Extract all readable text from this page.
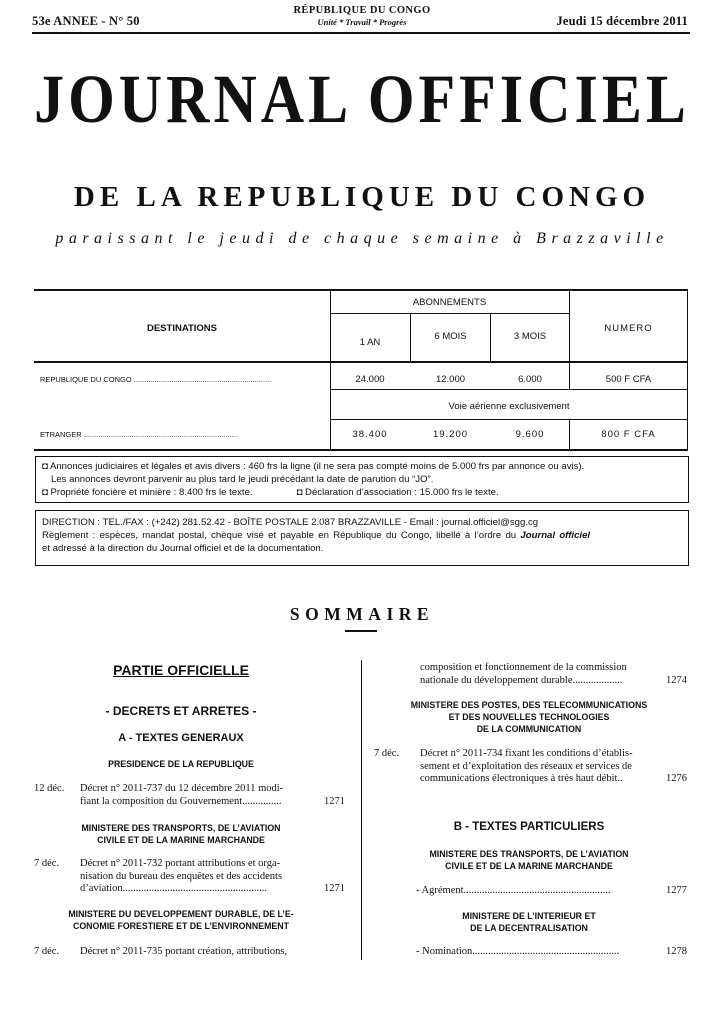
53e ANNEE - N° 50
RÉPUBLIQUE DU CONGO
Unité * Travail * Progrès	Jeudi 15 décembre 2011
JOURNAL OFFICIEL
DE LA REPUBLIQUE DU CONGO
paraissant le jeudi de chaque semaine à Brazzaville
DESTINATIONS
ABONNEMENTS
NUMERO
1 AN
6 MOIS	3 MOIS
REPUBLIQUE DU CONGO ..................................................................	24.000	12.000	6.000	500 F CFA
Voie aérienne exclusivement
ETRANGER ..........................................................................	38.400	19.200	9.600	800 F CFA

◘ Annonces judiciaires et légales et avis divers : 460 frs la ligne (il ne sera pas compté moins de 5.000 frs par annonce ou avis).

Les annonces devront parvenir au plus tard le jeudi précédant la date de parution du “JO”.

◘ Propriété foncière et minière : 8.400 frs le texte.	◘ Déclaration d’association : 15.000 frs le texte.

DIRECTION : TEL./FAX : (+242) 281.52.42 - BOÎTE POSTALE 2.087 BRAZZAVILLE - Email : journal.officiel@sgg.cg

Règlement : espèces, mandat postal, chèque visé et payable en République du Congo, libellé à l’ordre du Journal officiel

et adressé à la direction du Journal officiel et de la documentation.

SOMMAIRE
PARTIE OFFICIELLE
- DECRETS ET ARRETES -
A - TEXTES GENERAUX
PRESIDENCE DE LA REPUBLIQUE
12 déc.	Décret n° 2011-737 du 12 décembre 2011 modi-
fiant la composition du Gouvernement...............	1271
MINISTERE DES TRANSPORTS, DE L’AVIATION
CIVILE ET DE LA MARINE MARCHANDE
7 déc.	Décret n° 2011-732 portant attributions et orga-
nisation du bureau des enquêtes et des accidents
d’aviation.......................................................	1271
MINISTERE DU DEVELOPPEMENT DURABLE, DE L’E-
CONOMIE FORESTIERE ET DE L’ENVIRONNEMENT
7 déc.	Décret n° 2011-735 portant création, attributions,
composition et fonctionnement de la commission
nationale du développement durable...................	1274
MINISTERE DES POSTES, DES TELECOMMUNICATIONS
ET DES NOUVELLES TECHNOLOGIES
DE LA COMMUNICATION
7 déc.	Décret n° 2011-734 fixant les conditions d’établis-
sement et d’exploitation des réseaux et services de
communications électroniques à très haut débit..	1276
B - TEXTES PARTICULIERS
MINISTERE DES TRANSPORTS, DE L’AVIATION
CIVILE ET DE LA MARINE MARCHANDE
- Agrément........................................................	1277
MINISTERE DE L’INTERIEUR ET
DE LA DECENTRALISATION
- Nomination........................................................	1278
